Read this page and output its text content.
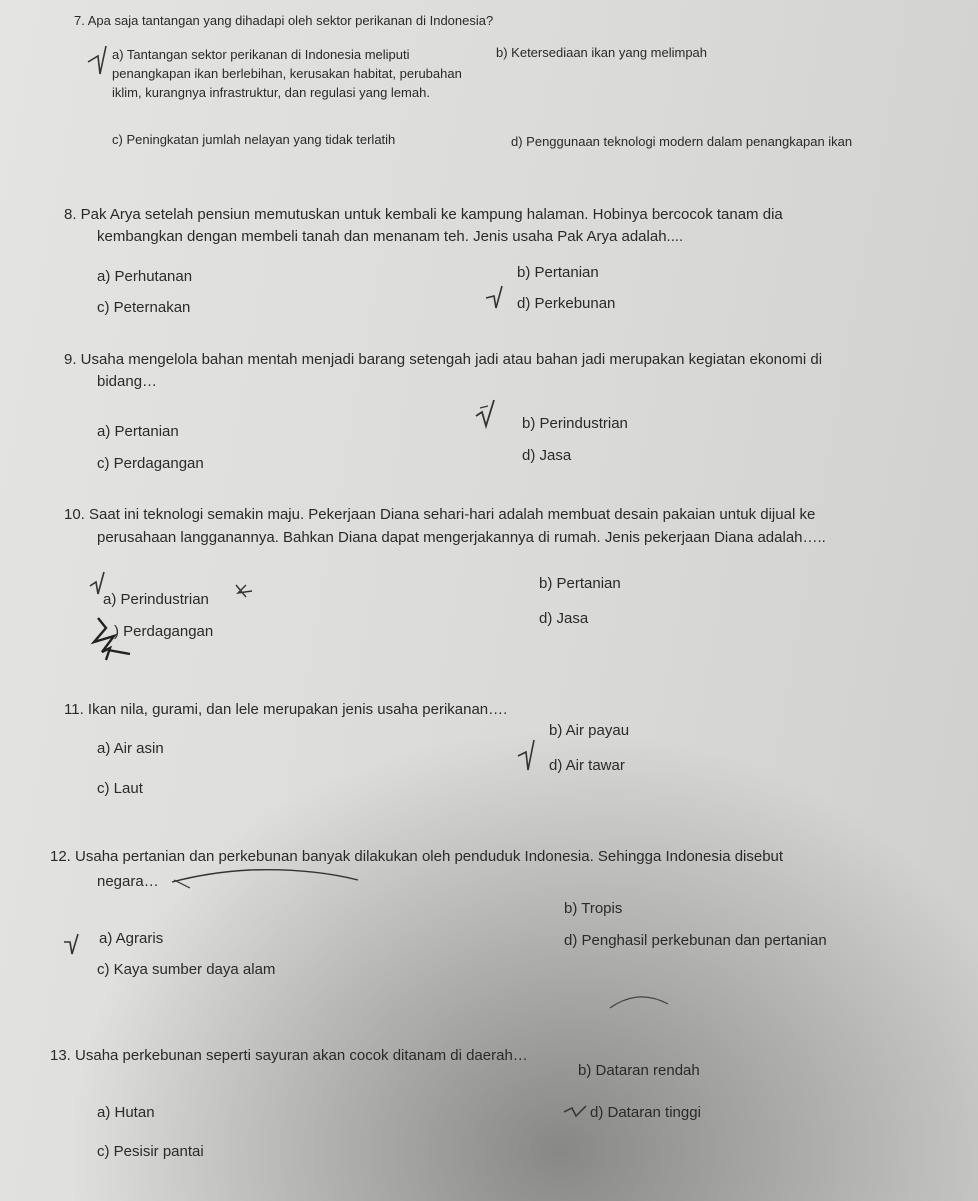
7. Apa saja tantangan yang dihadapi oleh sektor perikanan di Indonesia?
a) Tantangan sektor perikanan di Indonesia meliputi penangkapan ikan berlebihan, kerusakan habitat, perubahan iklim, kurangnya infrastruktur, dan regulasi yang lemah.
b) Ketersediaan ikan yang melimpah
c) Peningkatan jumlah nelayan yang tidak terlatih	d) Penggunaan teknologi modern dalam penangkapan ikan
8. Pak Arya setelah pensiun memutuskan untuk kembali ke kampung halaman. Hobinya bercocok tanam dia
kembangkan dengan membeli tanah dan menanam teh. Jenis usaha Pak Arya adalah....
a) Perhutanan	b) Pertanian
c) Peternakan	d) Perkebunan
9. Usaha mengelola bahan mentah menjadi barang setengah jadi atau bahan jadi merupakan kegiatan ekonomi di
bidang…
a) Pertanian	b) Perindustrian
c) Perdagangan	d) Jasa
10. Saat ini teknologi semakin maju. Pekerjaan Diana sehari-hari adalah membuat desain pakaian untuk dijual ke
perusahaan langganannya. Bahkan Diana dapat mengerjakannya di rumah. Jenis pekerjaan Diana adalah…..
a) Perindustrian
b) Pertanian
) Perdagangan
d) Jasa
11. Ikan nila, gurami, dan lele merupakan jenis usaha perikanan….
a) Air asin
b) Air payau
c) Laut
d) Air tawar
12. Usaha pertanian dan perkebunan banyak dilakukan oleh penduduk Indonesia. Sehingga Indonesia disebut
negara…
a) Agraris
b) Tropis
c) Kaya sumber daya alam
d) Penghasil perkebunan dan pertanian
13. Usaha perkebunan seperti sayuran akan cocok ditanam di daerah…
a) Hutan
b) Dataran rendah
c) Pesisir pantai
d) Dataran tinggi
